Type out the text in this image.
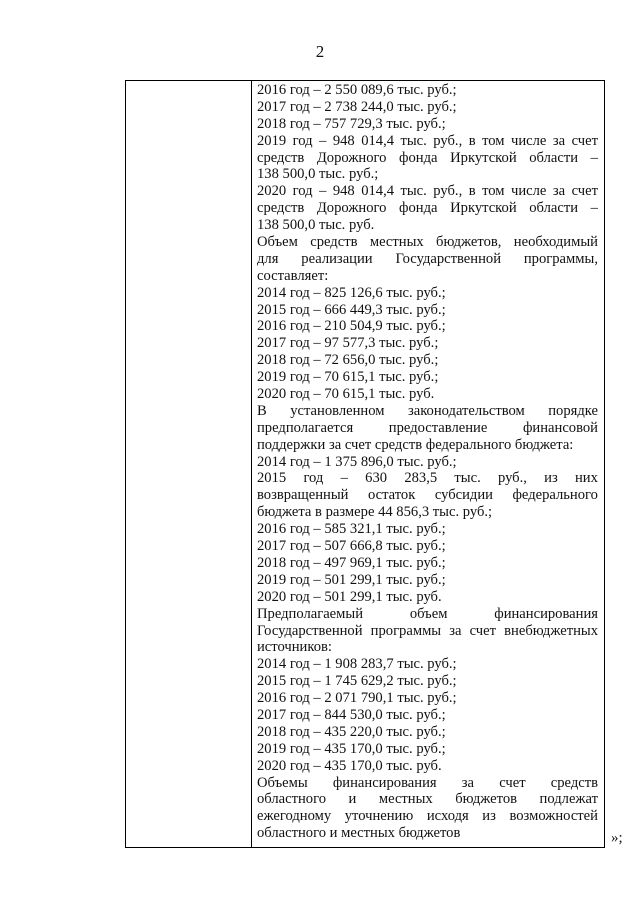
2
2016 год – 2 550 089,6 тыс. руб.;
2017 год – 2 738 244,0 тыс. руб.;
2018 год – 757 729,3 тыс. руб.;
2019 год – 948 014,4 тыс. руб., в том числе за счет
средств Дорожного фонда Иркутской области –
138 500,0 тыс. руб.;
2020 год – 948 014,4 тыс. руб., в том числе за счет
средств Дорожного фонда Иркутской области –
138 500,0 тыс. руб.
Объем средств местных бюджетов, необходимый
для реализации Государственной программы,
составляет:
2014 год – 825 126,6 тыс. руб.;
2015 год – 666 449,3 тыс. руб.;
2016 год – 210 504,9 тыс. руб.;
2017 год – 97 577,3 тыс. руб.;
2018 год – 72 656,0 тыс. руб.;
2019 год – 70 615,1 тыс. руб.;
2020 год – 70 615,1 тыс. руб.
В установленном законодательством порядке
предполагается предоставление финансовой
поддержки за счет средств федерального бюджета:
2014 год – 1 375 896,0 тыс. руб.;
2015 год – 630 283,5 тыс. руб., из них
возвращенный остаток субсидии федерального
бюджета в размере 44 856,3 тыс. руб.;
2016 год – 585 321,1 тыс. руб.;
2017 год – 507 666,8 тыс. руб.;
2018 год – 497 969,1 тыс. руб.;
2019 год – 501 299,1 тыс. руб.;
2020 год – 501 299,1 тыс. руб.
Предполагаемый	объем	финансирования
Государственной программы за счет внебюджетных
источников:
2014 год – 1 908 283,7 тыс. руб.;
2015 год – 1 745 629,2 тыс. руб.;
2016 год – 2 071 790,1 тыс. руб.;
2017 год – 844 530,0 тыс. руб.;
2018 год – 435 220,0 тыс. руб.;
2019 год – 435 170,0 тыс. руб.;
2020 год – 435 170,0 тыс. руб.
Объемы финансирования за счет средств
областного и местных бюджетов подлежат
ежегодному уточнению исходя из возможностей
областного и местных бюджетов	»;
